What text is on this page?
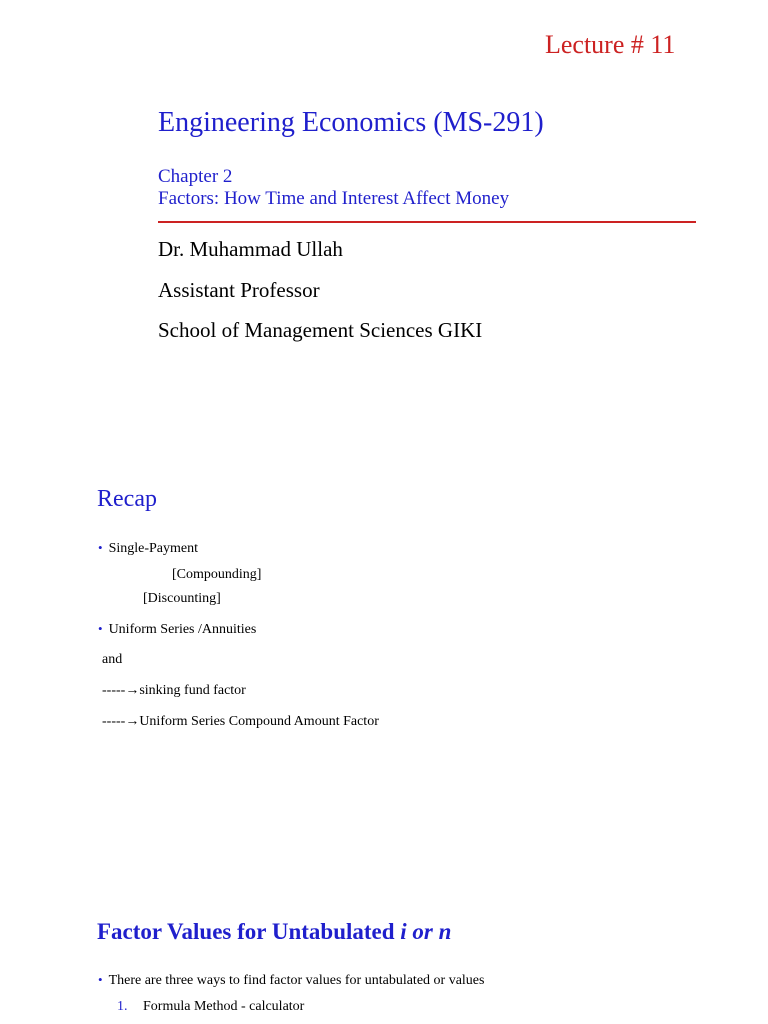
Lecture # 11
Engineering Economics (MS-291)
Chapter 2
Factors: How Time and Interest Affect Money
Dr. Muhammad Ullah
Assistant Professor
School of Management Sciences GIKI
Recap
• Single-Payment
[Compounding]
[Discounting]
• Uniform Series /Annuities
and
-----→sinking fund factor
-----→Uniform Series Compound Amount Factor
Factor Values for Untabulated i or n
• There are three ways to find factor values for untabulated or values
1. Formula Method - calculator
